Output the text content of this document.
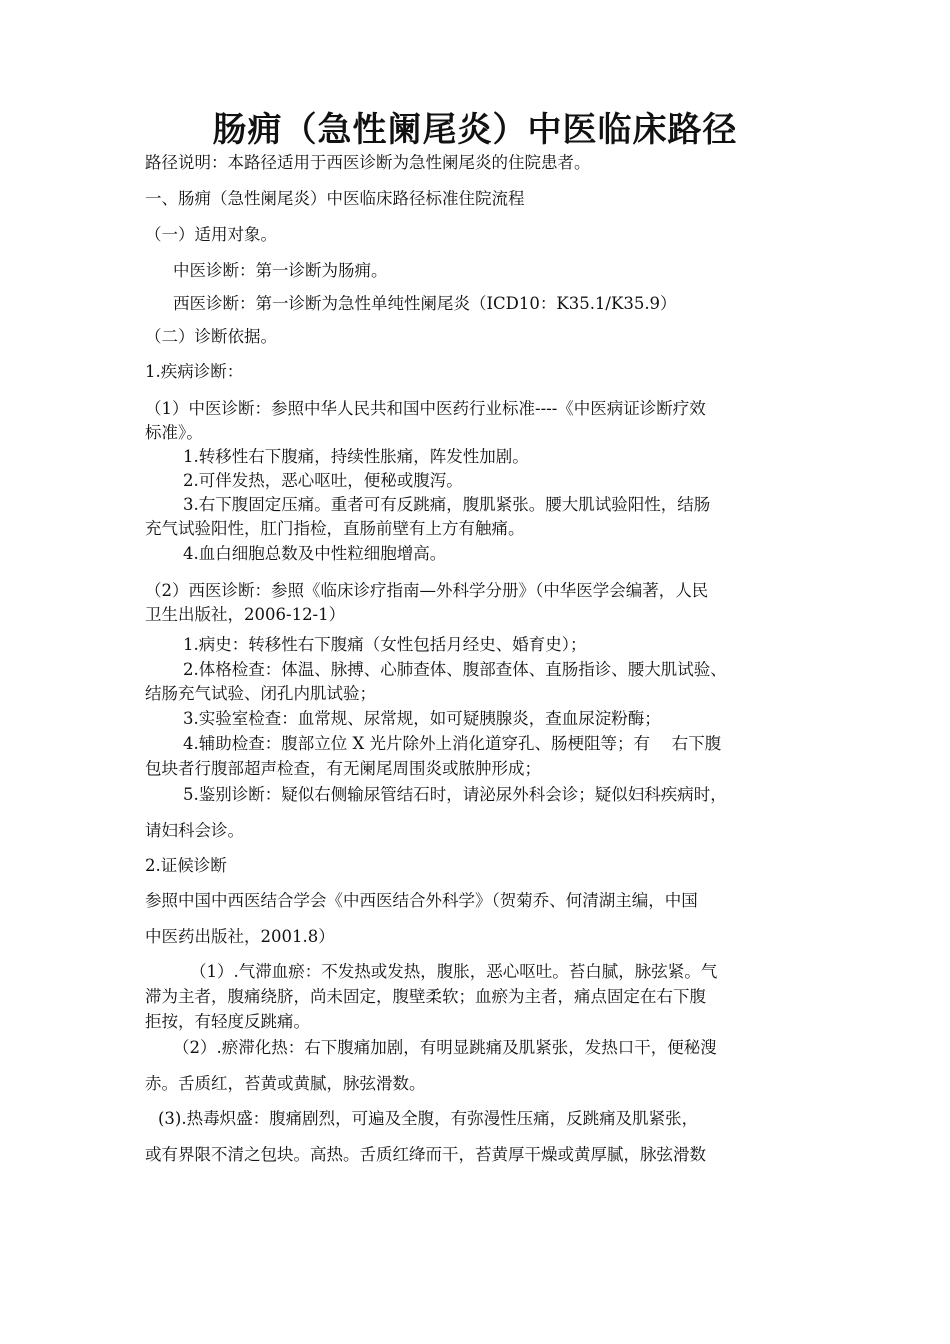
肠痈（急性阑尾炎）中医临床路径
路径说明：本路径适用于西医诊断为急性阑尾炎的住院患者。
一、肠痈（急性阑尾炎）中医临床路径标准住院流程
（一）适用对象。
中医诊断：第一诊断为肠痈。
西医诊断：第一诊断为急性单纯性阑尾炎（ICD10：K35.1/K35.9）
（二）诊断依据。
1.疾病诊断：
（1）中医诊断：参照中华人民共和国中医药行业标准----《中医病证诊断疗效
标准》。
1.转移性右下腹痛，持续性胀痛，阵发性加剧。
2.可伴发热，恶心呕吐，便秘或腹泻。
3.右下腹固定压痛。重者可有反跳痛，腹肌紧张。腰大肌试验阳性，结肠
充气试验阳性，肛门指检，直肠前壁有上方有触痛。
4.血白细胞总数及中性粒细胞增高。
（2）西医诊断：参照《临床诊疗指南—外科学分册》（中华医学会编著，人民
卫生出版社，2006-12-1）
1.病史：转移性右下腹痛（女性包括月经史、婚育史）；
2.体格检查：体温、脉搏、心肺查体、腹部查体、直肠指诊、腰大肌试验、
结肠充气试验、闭孔内肌试验；
3.实验室检查：血常规、尿常规，如可疑胰腺炎，查血尿淀粉酶；
4.辅助检查：腹部立位 X 光片除外上消化道穿孔、肠梗阻等；有　 右下腹
包块者行腹部超声检查，有无阑尾周围炎或脓肿形成；
5.鉴别诊断：疑似右侧输尿管结石时，请泌尿外科会诊；疑似妇科疾病时，
请妇科会诊。
2.证候诊断
参照中国中西医结合学会《中西医结合外科学》（贺菊乔、何清湖主编，中国
中医药出版社，2001.8）
（1）.气滞血瘀：不发热或发热，腹胀，恶心呕吐。苔白腻，脉弦紧。气
滞为主者，腹痛绕脐，尚未固定，腹壁柔软；血瘀为主者，痛点固定在右下腹
拒按，有轻度反跳痛。
（2）.瘀滞化热：右下腹痛加剧，有明显跳痛及肌紧张，发热口干，便秘溲
赤。舌质红，苔黄或黄腻，脉弦滑数。
(3).热毒炽盛：腹痛剧烈，可遍及全腹，有弥漫性压痛，反跳痛及肌紧张，
或有界限不清之包块。高热。舌质红绛而干，苔黄厚干燥或黄厚腻，脉弦滑数
